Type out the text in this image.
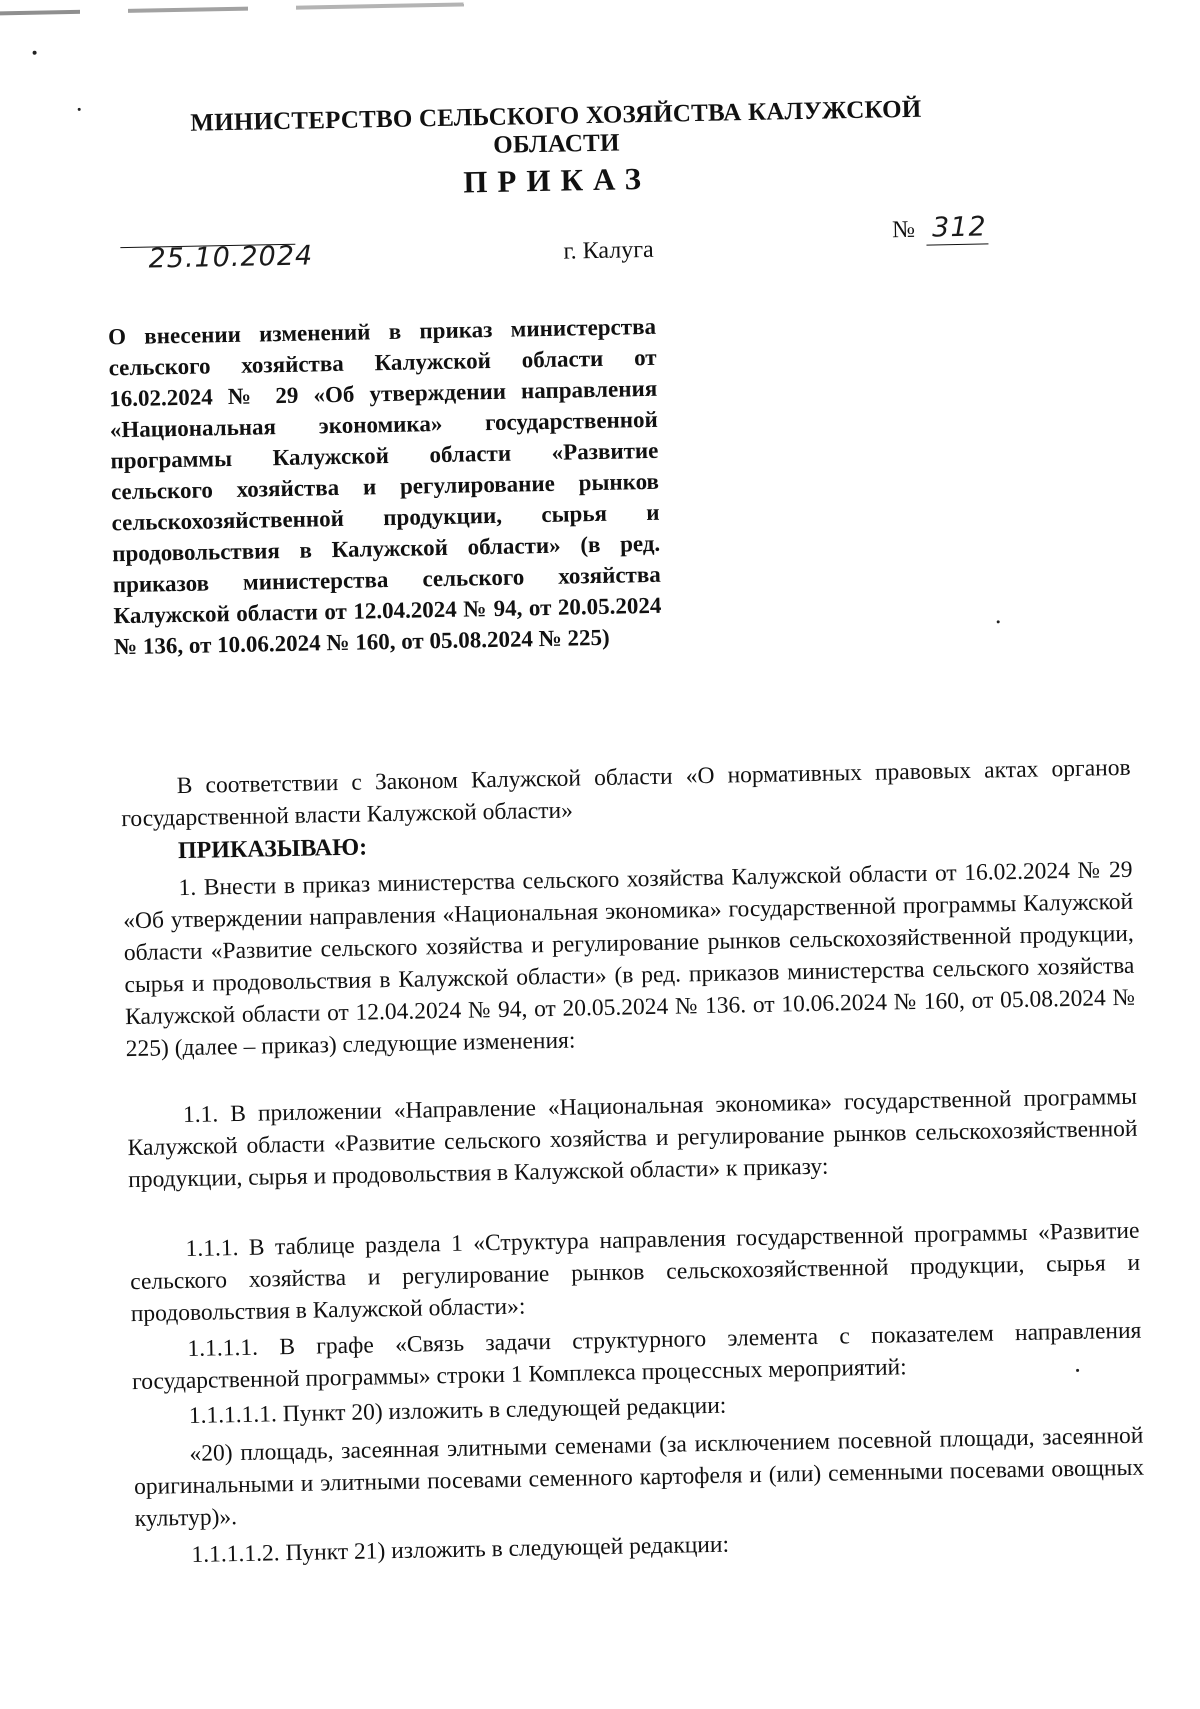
МИНИСТЕРСТВО СЕЛЬСКОГО ХОЗЯЙСТВА КАЛУЖСКОЙ ОБЛАСТИ
ПРИКАЗ
25.10.2024	г. Калуга
№ 312
О внесении изменений в приказ министерства сельского хозяйства Калужской области от 16.02.2024 № 29 «Об утверждении направления «Национальная экономика» государственной программы Калужской области «Развитие сельского хозяйства и регулирование рынков сельскохозяйственной продукции, сырья и продовольствия в Калужской области» (в ред. приказов министерства сельского хозяйства Калужской области от 12.04.2024 № 94, от 20.05.2024 № 136, от 10.06.2024 № 160, от 05.08.2024 № 225)
В соответствии с Законом Калужской области «О нормативных правовых актах органов государственной власти Калужской области»
ПРИКАЗЫВАЮ:
1. Внести в приказ министерства сельского хозяйства Калужской области от 16.02.2024 № 29 «Об утверждении направления «Национальная экономика» государственной программы Калужской области «Развитие сельского хозяйства и регулирование рынков сельскохозяйственной продукции, сырья и продовольствия в Калужской области» (в ред. приказов министерства сельского хозяйства Калужской области от 12.04.2024 № 94, от 20.05.2024 № 136. от 10.06.2024 № 160, от 05.08.2024 № 225) (далее – приказ) следующие изменения:
1.1. В приложении «Направление «Национальная экономика» государственной программы Калужской области «Развитие сельского хозяйства и регулирование рынков сельскохозяйственной продукции, сырья и продовольствия в Калужской области» к приказу:
1.1.1. В таблице раздела 1 «Структура направления государственной программы «Развитие сельского хозяйства и регулирование рынков сельскохозяйственной продукции, сырья и продовольствия в Калужской области»:
1.1.1.1. В графе «Связь задачи структурного элемента с показателем направления государственной программы» строки 1 Комплекса процессных мероприятий:
1.1.1.1.1. Пункт 20) изложить в следующей редакции:
«20) площадь, засеянная элитными семенами (за исключением посевной площади, засеянной оригинальными и элитными посевами семенного картофеля и (или) семенными посевами овощных культур)».
1.1.1.1.2. Пункт 21) изложить в следующей редакции:
